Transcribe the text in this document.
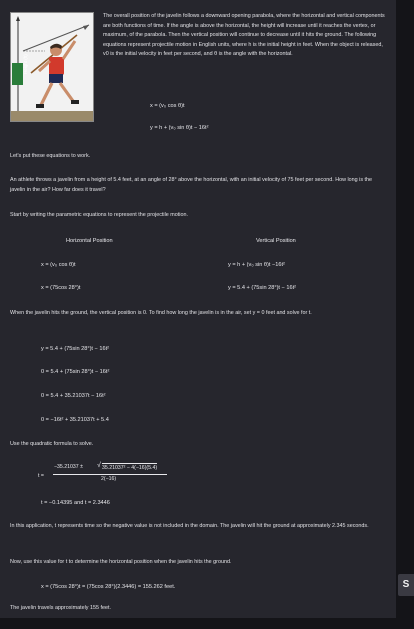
Height (ft)

The overall position of the javelin follows a downward opening parabola, where the horizontal and vertical components are both functions of time. If the angle is above the horizontal, the height will increase until it reaches the vertex, or maximum, of the parabola. Then the vertical position will continue to decrease until it hits the ground. The following equations represent projectile motion in English units, where h is the initial height in feet. When the object is released, v0 is the initial velocity in feet per second, and θ is the angle with the horizontal.

x = (v₀ cos θ)t
y = h + (v₀ sin θ)t − 16t²

Let's put these equations to work.

An athlete throws a javelin from a height of 5.4 feet, at an angle of 28° above the horizontal, with an initial velocity of 75 feet per second. How long is the javelin in the air? How far does it travel?

Start by writing the parametric equations to represent the projectile motion.

Horizontal Position	Vertical Position
x = (v₀ cos θ)t	y = h + (v₀ sin θ)t −16t²
x = (75cos 28°)t	y = 5.4 + (75sin 28°)t − 16t²

When the javelin hits the ground, the vertical position is 0. To find how long the javelin is in the air, set y = 0 feet and solve for t.

y = 5.4 + (75sin 28°)t − 16t²
0 = 5.4 + (75sin 28°)t − 16t²
0 = 5.4 + 35.21037t − 16t²
0 = −16t² + 35.21037t + 5.4

Use the quadratic formula to solve.

t =
−35.21037 ± √ 35.21037² − 4(−16)(5.4)
2(−16)
t = −0.14395 and t = 2.3446

In this application, t represents time so the negative value is not included in the domain. The javelin will hit the ground at approximately 2.345 seconds.

Now, use this value for t to determine the horizontal position when the javelin hits the ground.

x = (75cos 28°)t = (75cos 28°)(2.3446) = 155.262 feet.

The javelin travels approximately 155 feet.

S
